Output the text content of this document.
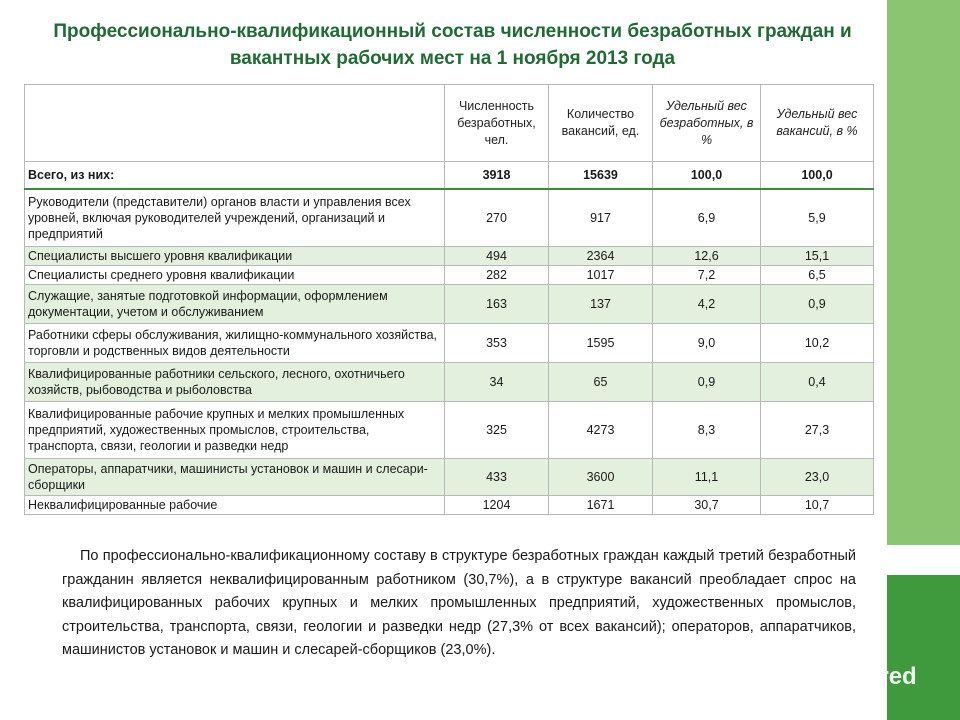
Профессионально-квалификационный состав численности безработных граждан и вакантных рабочих мест на 1 ноября 2013 года
	Численность безработных, чел.	Количество вакансий, ед.	Удельный вес безработных, в %	Удельный вес вакансий, в %
Всего, из них:	3918	15639	100,0	100,0
Руководители (представители) органов власти и управления всех уровней, включая руководителей учреждений, организаций и предприятий	270	917	6,9	5,9
Специалисты высшего уровня квалификации	494	2364	12,6	15,1
Специалисты среднего уровня квалификации	282	1017	7,2	6,5
Служащие, занятые подготовкой информации, оформлением документации, учетом и обслуживанием	163	137	4,2	0,9
Работники сферы обслуживания, жилищно-коммунального хозяйства, торговли и родственных видов деятельности	353	1595	9,0	10,2
Квалифицированные работники сельского, лесного, охотничьего хозяйств, рыбоводства и рыболовства	34	65	0,9	0,4
Квалифицированные рабочие крупных и мелких промышленных предприятий, художественных промыслов, строительства, транспорта, связи, геологии и разведки недр	325	4273	8,3	27,3
Операторы, аппаратчики, машинисты установок и машин и слесари-сборщики	433	3600	11,1	23,0
Неквалифицированные рабочие	1204	1671	30,7	10,7
По профессионально-квалификационному составу в структуре безработных граждан каждый третий безработный гражданин является неквалифицированным работником (30,7%), а в структуре вакансий преобладает спрос на квалифицированных рабочих крупных и мелких промышленных предприятий, художественных промыслов, строительства, транспорта, связи, геологии и разведки недр (27,3% от всех вакансий); операторов, аппаратчиков, машинистов установок и машин и слесарей-сборщиков (23,0%).
MyShared
